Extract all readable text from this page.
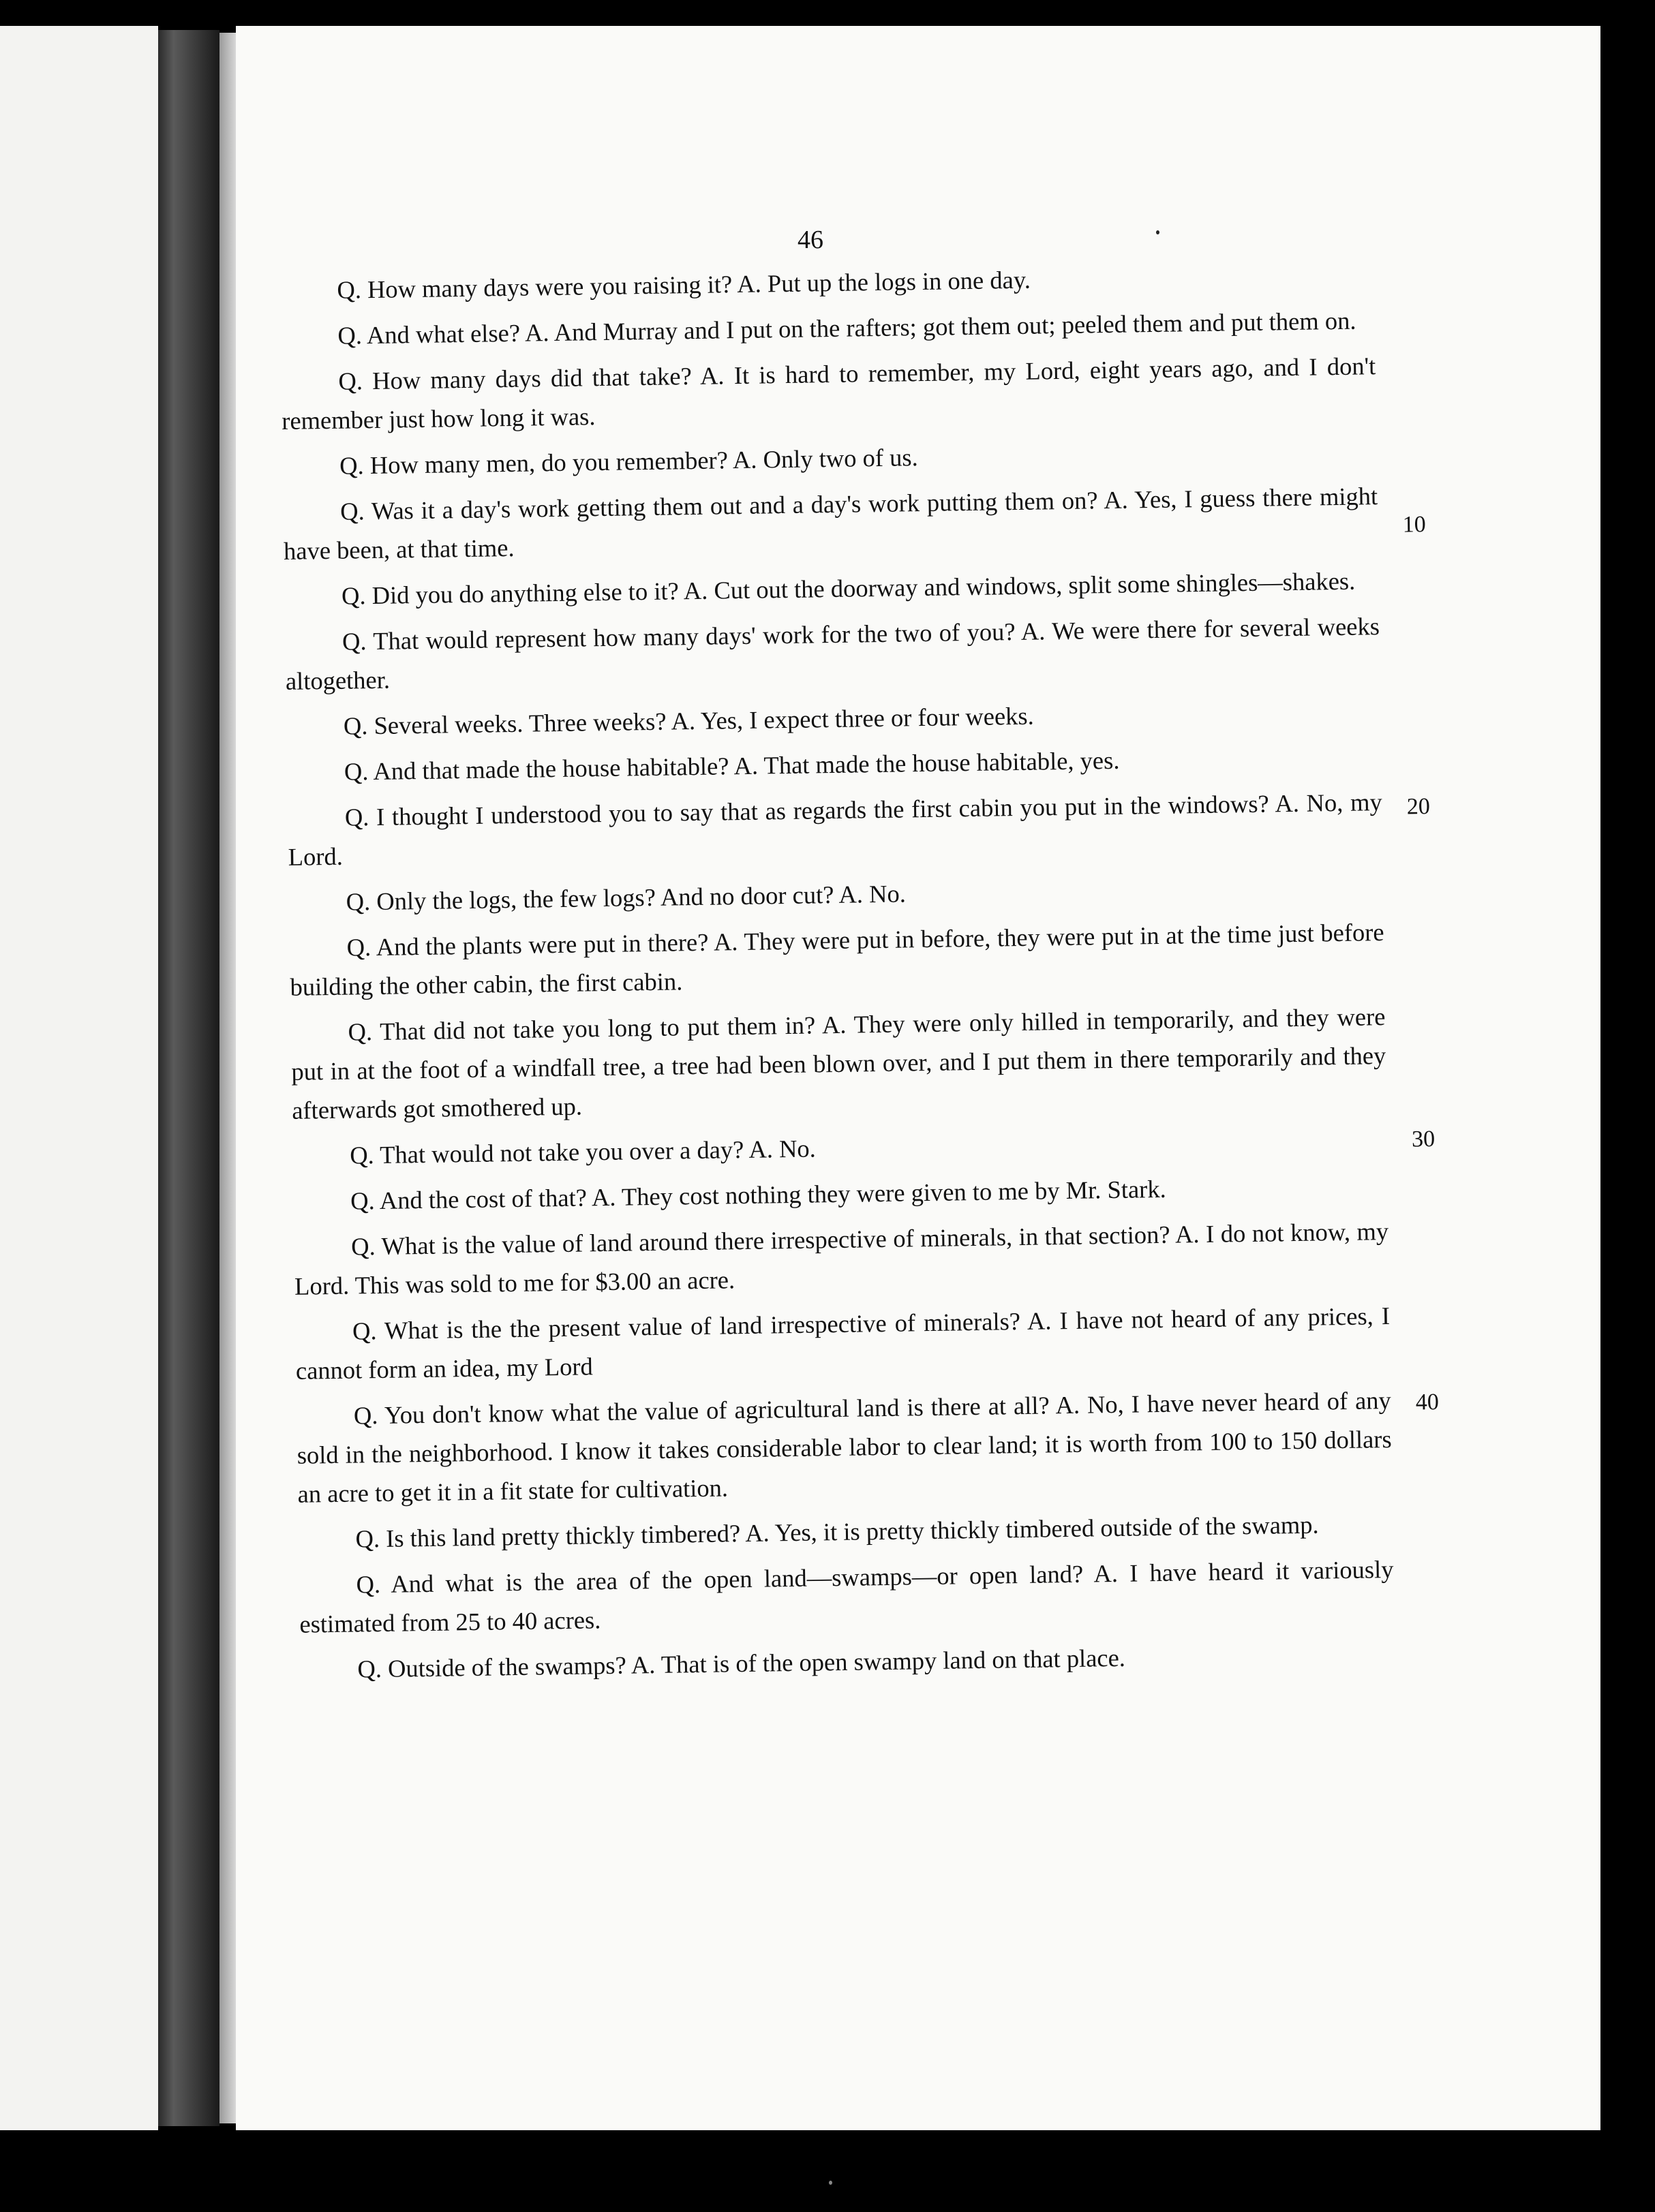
46

Q. How many days were you raising it? A. Put up the logs in one day.

Q. And what else? A. And Murray and I put on the rafters; got them out; peeled them and put them on.

Q. How many days did that take? A. It is hard to remember, my Lord, eight years ago, and I don't remember just how long it was.

Q. How many men, do you remember? A. Only two of us.

Q. Was it a day's work getting them out and a day's work putting them on? A. Yes, I guess there might have been, at that time.
10

Q. Did you do anything else to it? A. Cut out the doorway and windows, split some shingles—shakes.

Q. That would represent how many days' work for the two of you? A. We were there for several weeks altogether.

Q. Several weeks. Three weeks? A. Yes, I expect three or four weeks.

Q. And that made the house habitable? A. That made the house habitable, yes.

Q. I thought I understood you to say that as regards the first cabin you put in the windows? A. No, my Lord.
20

Q. Only the logs, the few logs? And no door cut? A. No.

Q. And the plants were put in there? A. They were put in before, they were put in at the time just before building the other cabin, the first cabin.

Q. That did not take you long to put them in? A. They were only hilled in temporarily, and they were put in at the foot of a windfall tree, a tree had been blown over, and I put them in there temporarily and they afterwards got smothered up.

Q. That would not take you over a day? A. No.	30

Q. And the cost of that? A. They cost nothing they were given to me by Mr. Stark.

Q. What is the value of land around there irrespective of minerals, in that section? A. I do not know, my Lord. This was sold to me for $3.00 an acre.

Q. What is the the present value of land irrespective of minerals? A. I have not heard of any prices, I cannot form an idea, my Lord

Q. You don't know what the value of agricultural land is there at all? A. No, I have never heard of any sold in the neighborhood. I know it takes considerable labor to clear land; it is worth from 100 to 150 dollars an acre to get it in a fit state for cultivation.
40

Q. Is this land pretty thickly timbered? A. Yes, it is pretty thickly timbered outside of the swamp.

Q. And what is the area of the open land—swamps—or open land? A. I have heard it variously estimated from 25 to 40 acres.

Q. Outside of the swamps? A. That is of the open swampy land on that place.
